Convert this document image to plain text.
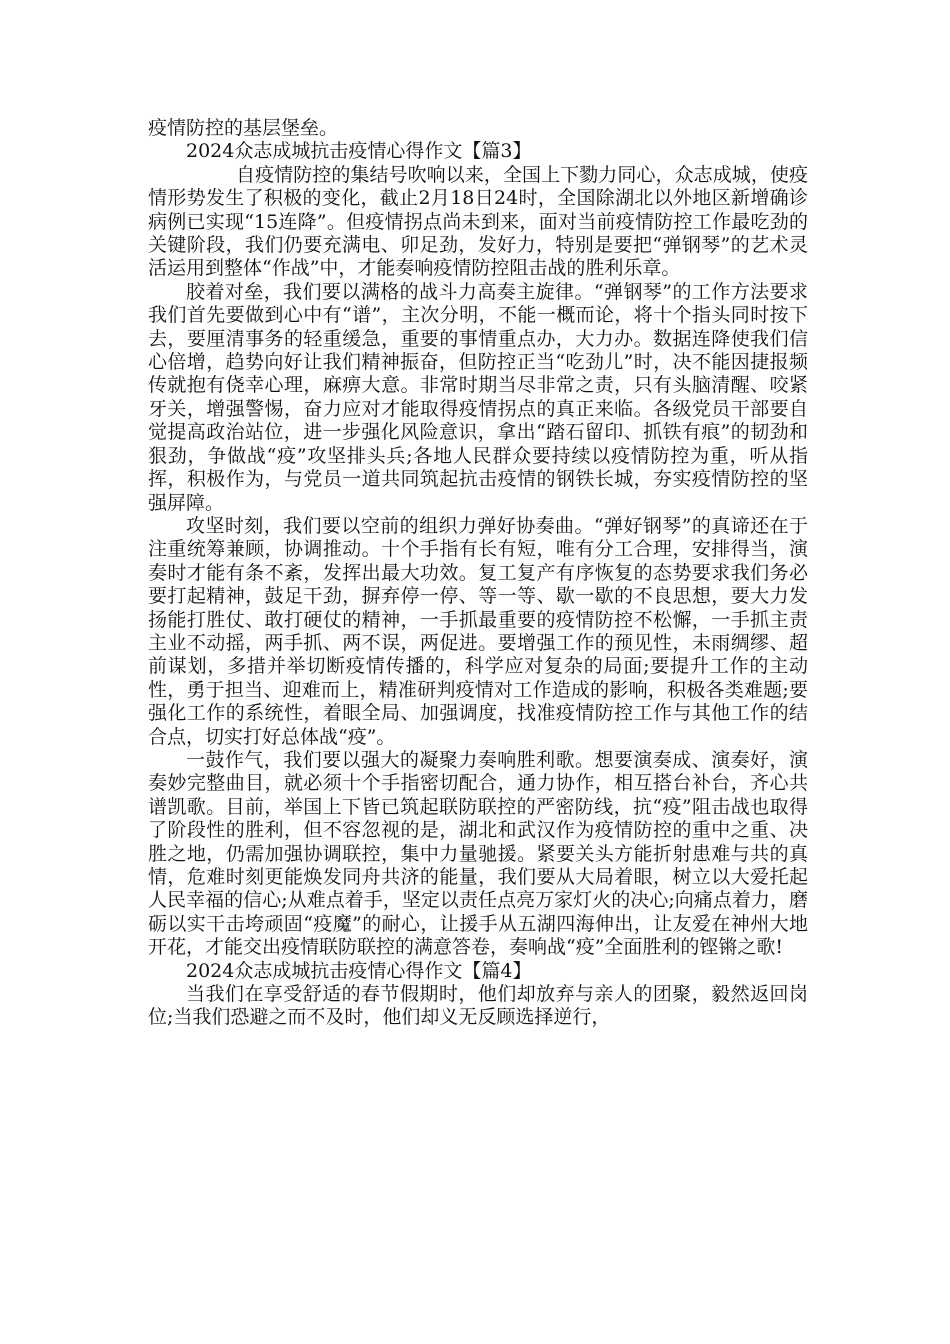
疫情防控的基层堡垒。

2024众志成城抗击疫情心得作文【篇3】

自疫情防控的集结号吹响以来，全国上下勠力同心，众志成城，使疫情形势发生了积极的变化，截止2月18日24时，全国除湖北以外地区新增确诊病例已实现“15连降”。但疫情拐点尚未到来，面对当前疫情防控工作最吃劲的关键阶段，我们仍要充满电、卯足劲，发好力，特别是要把“弹钢琴”的艺术灵活运用到整体“作战”中，才能奏响疫情防控阻击战的胜利乐章。

胶着对垒，我们要以满格的战斗力高奏主旋律。“弹钢琴”的工作方法要求我们首先要做到心中有“谱”，主次分明，不能一概而论，将十个指头同时按下去，要厘清事务的轻重缓急，重要的事情重点办，大力办。数据连降使我们信心倍增，趋势向好让我们精神振奋，但防控正当“吃劲儿”时，决不能因捷报频传就抱有侥幸心理，麻痹大意。非常时期当尽非常之责，只有头脑清醒、咬紧牙关，增强警惕，奋力应对才能取得疫情拐点的真正来临。各级党员干部要自觉提高政治站位，进一步强化风险意识，拿出“踏石留印、抓铁有痕”的韧劲和狠劲，争做战“疫”攻坚排头兵;各地人民群众要持续以疫情防控为重，听从指挥，积极作为，与党员一道共同筑起抗击疫情的钢铁长城，夯实疫情防控的坚强屏障。

攻坚时刻，我们要以空前的组织力弹好协奏曲。“弹好钢琴”的真谛还在于注重统筹兼顾，协调推动。十个手指有长有短，唯有分工合理，安排得当，演奏时才能有条不紊，发挥出最大功效。复工复产有序恢复的态势要求我们务必要打起精神，鼓足干劲，摒弃停一停、等一等、歇一歇的不良思想，要大力发扬能打胜仗、敢打硬仗的精神，一手抓最重要的疫情防控不松懈，一手抓主责主业不动摇，两手抓、两不误，两促进。要增强工作的预见性，未雨绸缪、超前谋划，多措并举切断疫情传播的，科学应对复杂的局面;要提升工作的主动性，勇于担当、迎难而上，精准研判疫情对工作造成的影响，积极各类难题;要强化工作的系统性，着眼全局、加强调度，找准疫情防控工作与其他工作的结合点，切实打好总体战“疫”。

一鼓作气，我们要以强大的凝聚力奏响胜利歌。想要演奏成、演奏好，演奏妙完整曲目，就必须十个手指密切配合，通力协作，相互搭台补台，齐心共谱凯歌。目前，举国上下皆已筑起联防联控的严密防线，抗“疫”阻击战也取得了阶段性的胜利，但不容忽视的是，湖北和武汉作为疫情防控的重中之重、决胜之地，仍需加强协调联控，集中力量驰援。紧要关头方能折射患难与共的真情，危难时刻更能焕发同舟共济的能量，我们要从大局着眼，树立以大爱托起人民幸福的信心;从难点着手，坚定以责任点亮万家灯火的决心;向痛点着力，磨砺以实干击垮顽固“疫魔”的耐心，让援手从五湖四海伸出，让友爱在神州大地开花，才能交出疫情联防联控的满意答卷，奏响战“疫”全面胜利的铿锵之歌!

2024众志成城抗击疫情心得作文【篇4】

当我们在享受舒适的春节假期时，他们却放弃与亲人的团聚，毅然返回岗位;当我们恐避之而不及时，他们却义无反顾选择逆行，
